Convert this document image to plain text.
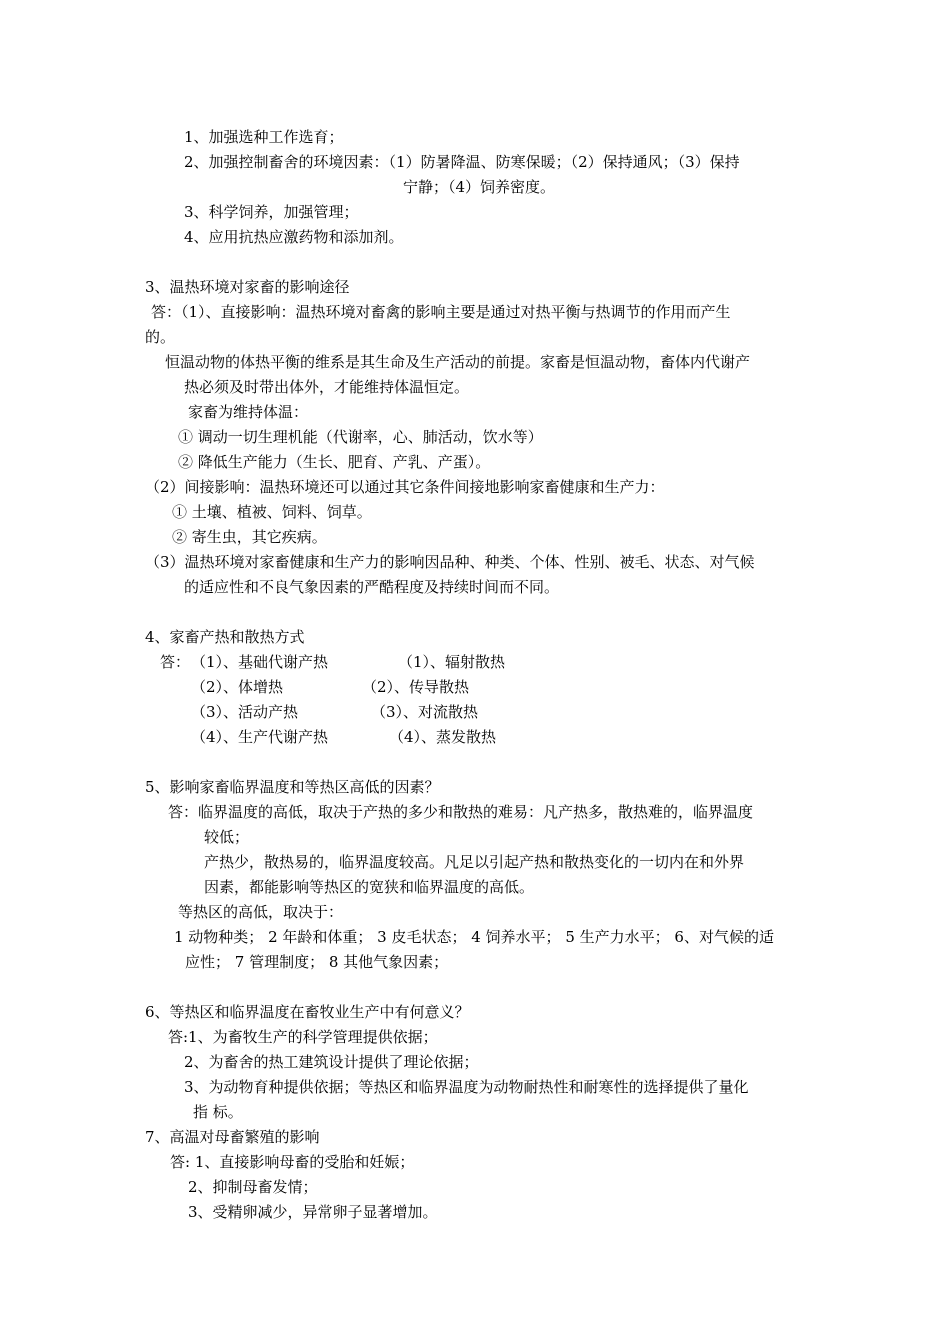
1、加强选种工作选育；
2、加强控制畜舍的环境因素：（1）防暑降温、防寒保暖；（2）保持通风；（3）保持
宁静；（4）饲养密度。
3、科学饲养，加强管理；
4、应用抗热应激药物和添加剂。
3、温热环境对家畜的影响途径
答：（1）、直接影响：温热环境对畜禽的影响主要是通过对热平衡与热调节的作用而产生
的。
恒温动物的体热平衡的维系是其生命及生产活动的前提。家畜是恒温动物，畜体内代谢产
热必须及时带出体外，才能维持体温恒定。
家畜为维持体温：
① 调动一切生理机能（代谢率，心、肺活动，饮水等）
② 降低生产能力（生长、肥育、产乳、产蛋）。
（2）间接影响：温热环境还可以通过其它条件间接地影响家畜健康和生产力：
① 土壤、植被、饲料、饲草。
② 寄生虫，其它疾病。
（3）温热环境对家畜健康和生产力的影响因品种、种类、个体、性别、被毛、状态、对气候
的适应性和不良气象因素的严酷程度及持续时间而不同。
4、家畜产热和散热方式
答： （1）、基础代谢产热	（1）、辐射散热
（2）、体增热	（2）、传导散热
（3）、活动产热	（3）、对流散热
（4）、生产代谢产热	（4）、蒸发散热
5、影响家畜临界温度和等热区高低的因素？
答：临界温度的高低，取决于产热的多少和散热的难易：凡产热多，散热难的，临界温度
较低；
产热少，散热易的，临界温度较高。凡足以引起产热和散热变化的一切内在和外界
因素，都能影响等热区的宽狭和临界温度的高低。
等热区的高低，取决于：
1 动物种类； 2 年龄和体重； 3 皮毛状态； 4 饲养水平； 5 生产力水平； 6、对气候的适
应性； 7 管理制度； 8 其他气象因素；
6、等热区和临界温度在畜牧业生产中有何意义？
答:1、为畜牧生产的科学管理提供依据；
2、为畜舍的热工建筑设计提供了理论依据；
3、为动物育种提供依据；等热区和临界温度为动物耐热性和耐寒性的选择提供了量化
指 标。
7、高温对母畜繁殖的影响
答: 1、直接影响母畜的受胎和妊娠；
2、抑制母畜发情；
3、受精卵减少，异常卵子显著增加。
